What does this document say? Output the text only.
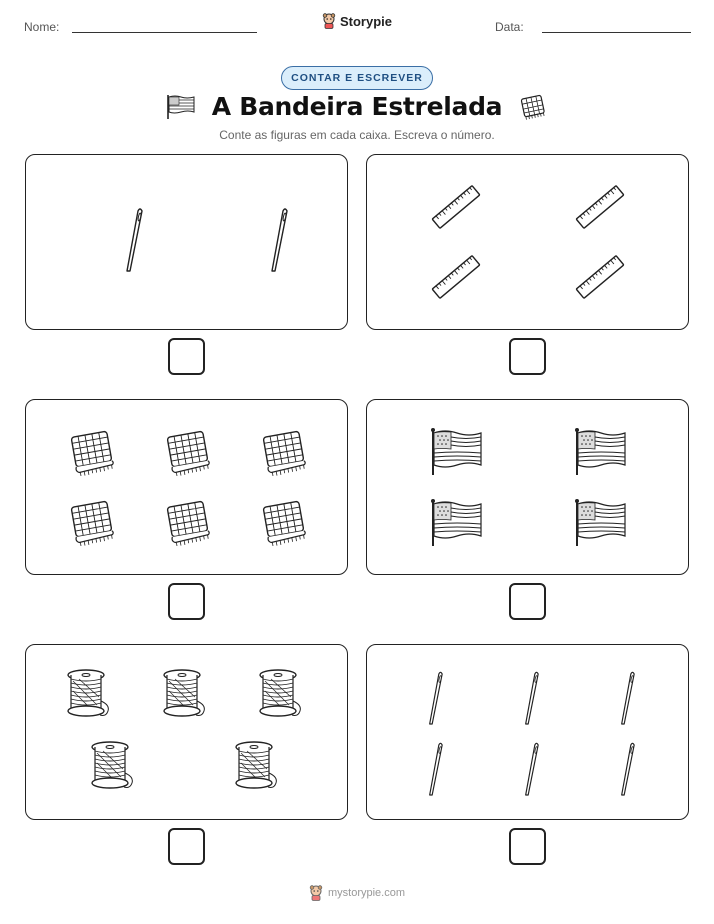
Nome:	Storypie	Data:
CONTAR E ESCREVER
A Bandeira Estrelada
Conte as figuras em cada caixa. Escreva o número.
mystorypie.com
